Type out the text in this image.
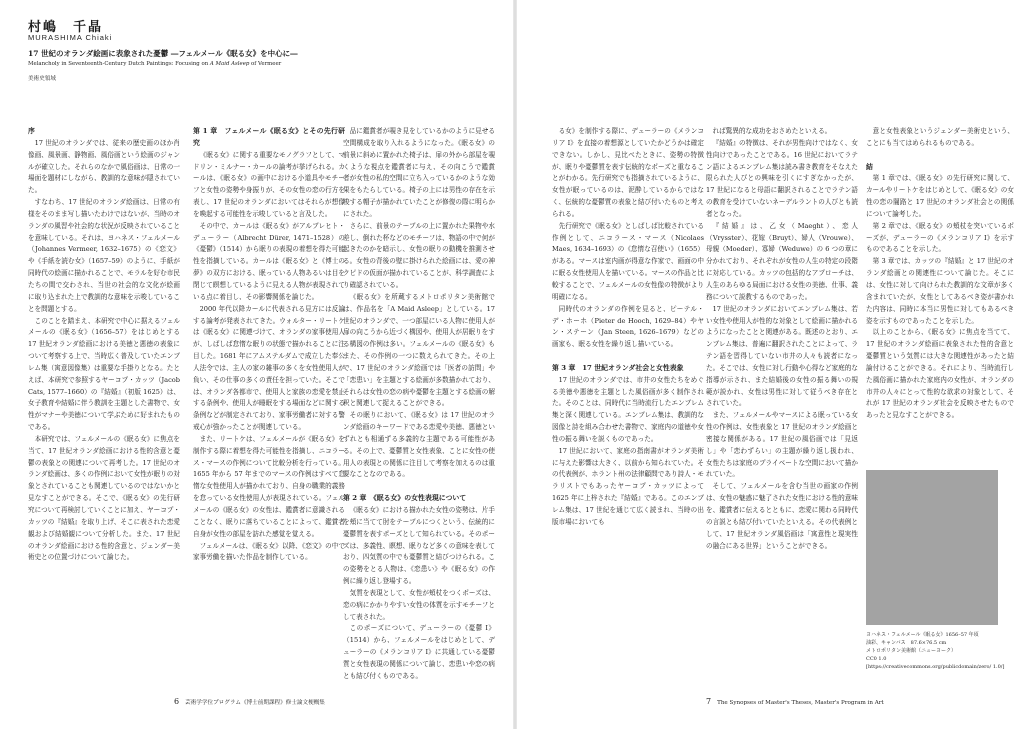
村嶋　千晶
MURASHIMA Chiaki
17 世紀のオランダ絵画に表象された憂鬱 ―フェルメール《眠る女》を中心に―
Melancholy in Seventeenth-Century Dutch Paintings: Focusing on A Maid Asleep of Vermeer
美術史領域
序

17 世紀のオランダでは、従来の歴史画のほか肖像画、風景画、静物画、風俗画という絵画のジャンルが確立した。それらのなかで風俗画は、日常の一場面を題材にしながら、教訓的な意味が隠されていた。

すなわち、17 世紀のオランダ絵画は、日常の有様をそのまま写し描いたわけではないが、当時のオランダの風習や社会的な状況が反映されていることを意味している。それは、ヨハネス・フェルメール（Johannes Vermeer, 1632–1675）の《恋文》や《手紙を読む女》（1657–59）のように、手紙が同時代の絵画に描かれることで、モラルを好む市民たちの間で交わされ、当世の社会的な文化が絵画に取り込まれた上で教訓的な意味を示唆していることを問題とする。

このことを踏まえ、本研究で中心に据えるフェルメールの《眠る女》（1656–57）をはじめとする 17 世紀オランダ絵画における美徳と悪徳の表象について考察する上で、当時広く普及していたエンブレム集（寓意図像集）は重要な手掛りとなる。たとえば、本研究で参照するヤーコプ・カッツ（Jacob Cats, 1577–1660）の『結婚』（初版 1625）は、女子教育や結婚に伴う教訓を主題とした書物で、女性がマナーや美徳について学ぶために好まれたものである。

本研究では、フェルメールの《眠る女》に焦点を当て、17 世紀オランダ絵画における性的含意と憂鬱の表象との関連について再考した。17 世紀のオランダ絵画は、多くの作例において女性が眠りの対象とされていることも関連しているのではないかと見なすことができる。そこで、《眠る女》の先行研究について再検討していくことに加え、ヤーコプ・カッツの『結婚』を取り上げ、そこに表された恋愛観および結婚観について分析した。また、17 世紀のオランダ絵画における性的含意と、ジェンダー美術史との位置づけについて論じた。

第 1 章　フェルメール《眠る女》とその先行研究

《眠る女》に関する重要なモノグラフとして、マドリン・ミルナー・カールの論考が挙げられる。カールは、《眠る女》の画中における小道具やモチーフと女性の姿勢や身振りが、その女性の恋の行方を表し、17 世紀のオランダにおいてはそれらが想像を喚起する可能性を示唆していると言及した。

その中で、カールは《眠る女》がアルブレヒト・デューラー（Albrecht Dürer, 1471–1528）の《憂鬱》（1514）から眠りの表現の着想を得た可能性を指摘している。カールは《眠る女》と《博士の夢》の双方における、眠っている人物あるいは目を閉じて瞑想しているように見える人物が表現されている点に着目し、その影響関係を論じた。

2000 年代以降カールに代表される見方には反論する論考が発表されてきた。ウォルター・リートケは《眠る女》に関連づけて、オランダの家事使用人が、しばしば怠惰な眠りの状態で描かれることに注目した。1681 年にアムステルダムで成立した奉公人法令では、主人の家の雑事の多くを女性使用人が負い、その仕事の多くの責任を担っていた。そこでは、オランダ各都市で、使用人と家族の恋愛を禁止する条例や、使用人が睡眠をする場面などに関する条例などが制定されており、家事労働者に対する警戒心が強かったことが関連している。

また、リートケは、フェルメールが《眠る女》を制作する際に着想を得た可能性を指摘し、ニコラース・マースの作例について比較分析を行っている。1655 年から 57 年までのマースの作例はすべて怠惰な女性使用人が描かれており、自身の職業的義務を怠っている女性使用人が表現されている。フェルメールの《眠る女》の女性は、鑑賞者に意識されることなく、眠りに落ちていることによって、鑑賞者自身が女性の部屋を訪れた感覚を覚える。

フェルメールは、《眠る女》以降、《恋文》の中で家事労働を描いた作品を制作している。

品に鑑賞者が覗き見をしているかのように見せる空間構成を取り入れるようになった。《眠る女》の前景に斜めに置かれた椅子は、扉の外から部屋を覗くような視点を鑑賞者に与え、その向こうで鑑賞者が女性の私的空間に立ち入っているかのような効果をもたらしている。椅子の上には男性の存在を示唆する帽子が描かれていたことが修復の際に明らかにされた。

さらに、前景のテーブルの上に置かれた果物や水差し、倒れた杯などのモチーフは、物語の中で何が起きたのかを暗示し、女性の眠りの動機を推測させる。女性の背後の壁に掛けられた絵画には、愛の神クピドの仮面が描かれていることが、科学調査により確認されている。

《眠る女》を所蔵するメトロポリタン美術館では、作品名を「A Maid Asleep」としている。17 世紀のオランダで、一つ部屋にいる人物に使用人が扉の向こうから近づく構図や、使用人が居眠りをする構図の作例は多い。フェルメールの《眠る女》もまた、その作例の一つに数えられてきた。その上で、17 世紀のオランダ絵画では「医者の訪問」や「恋患い」を主題とする絵画が多数描かれており、それらは女性の恋の病や憂鬱を主題とする絵画の解釈と関連して捉えることができる。

その眠りにおいて、《眠る女》は 17 世紀のオランダ絵画のキーワードである恋愛や美徳、悪徳といずれとも相通ずる多義的な主題である可能性がある。その上で、憂鬱質と女性表象、ことに女性の使用人の表現との関係に注目して考察を加えるのは重要なことなのである。

第 2 章　《眠る女》の女性表現について

《眠る女》における描かれた女性の姿勢は、片手を頬に当てて肘をテーブルにつくという、伝統的に憂鬱質を表すポーズとして知られている。そのポーズは、多義性、瞑想、眠りなど多くの意味を表しており、四気質の中でも憂鬱質と結びつけられる。この姿勢をとる人物は、《恋患い》や《眠る女》の作例に繰り返し登場する。

気質を表現として、女性が頬杖をつくポーズは、恋の病にかかりやすい女性の体質を示すモチーフとして表された。

このポーズについて、デューラーの《憂鬱 I》（1514）から、フェルメールをはじめとして、デューラーの《メランコリア I》に共通している憂鬱質と女性表現の関係について論じ、恋患いや恋の病とも結び付くものである。

る女》を制作する際に、デューラーの《メランコリア I》を直接の着想源としていたかどうかは確定できない。しかし、見比べたときに、姿勢の特徴が、眠りや憂鬱質を表す伝統的なポーズと重なることがわかる。先行研究でも指摘されているように、女性が眠っているのは、泥酔しているからではなく、伝統的な憂鬱質の表象と結び付いたものと考えられる。

先行研究で《眠る女》としばしば比較されている作例として、ニコラース・マース（Nicolaes Maes, 1634–1693）の《怠惰な召使い》（1655）がある。マースは室内画が得意な作家で、画面の中に眠る女性使用人を描いている。マースの作品と比較することで、フェルメールの女性像の特徴がより明確になる。

同時代のオランダの作例を見ると、ピーテル・デ・ホーホ（Pieter de Hooch, 1629–84）やヤン・ステーン（Jan Steen, 1626–1679）などの画家も、眠る女性を繰り返し描いている。

第 3 章　17 世紀オランダ社会と女性表象

17 世紀のオランダでは、市井の女性たちをめぐる美徳や悪徳を主題とした風俗画が多く制作された。そのことは、同時代に当時流行したエンブレム集と深く関連している。エンブレム集は、教訓的な図像と詩を組み合わせた書物で、家庭内の道徳や女性の振る舞いを説くものであった。

17 世紀において、家庭の指南書がオランダ美術に与えた影響は大きく、以前から知られていた。その代表例が、ホラント州の法律顧問であり詩人・モラリストでもあったヤーコプ・カッツによって 1625 年に上梓された『結婚』である。このエンブレム集は、17 世紀を通じて広く読まれ、当時の出版市場においても

れば驚異的な成功をおさめたといえる。

『結婚』の特徴は、それが男性向けではなく、女性向けであったことである。16 世紀においてラテン語によるエンブレム集は読み書き教育をそなえた限られた人びとの興味を引くにすぎなかったが、17 世紀になると母語に翻訳されることでラテン語の教育を受けていないネーデルラントの人びとも読者となった。

『結婚』は、乙女（Maeght）、恋人（Vrysster）、花嫁（Bruyt）、婦人（Vrouwe）、母親（Moeder）、寡婦（Weduwe）の 6 つの章に分かれており、それぞれが女性の人生の特定の段階に対応している。カッツの包括的なアプローチは、人生のあらゆる局面における女性の美徳、仕事、義務について説教するものであった。

17 世紀のオランダにおいてエンブレム集は、若い女性や使用人が性的な対象として絵画に描かれるようになったことと関連がある。既述のとおり、エンブレム集は、普遍に翻訳されたことによって、ラテン語を習得していない市井の人々も読者になった。そこでは、女性に対し行動や心得など家庭的な指導が示され、また結婚後の女性の振る舞いの規範が説かれ、女性は男性に対して従うべき存在とされていた。

また、フェルメールやマースによる眠っている女性の作例は、女性表象と 17 世紀のオランダ絵画と密接な関係がある。17 世紀の風俗画では「見返し」や「恋わずらい」の主題が繰り返し扱われ、女性たちは家庭のプライベートな空間において描かれていた。

そして、フェルメールを含む当世の画家の作例は、女性の魅惑に魅了された女性における性的意味を、鑑賞者に伝えるとともに、恋愛に関わる同時代の言説とも結び付いていたといえる。その代表例として、17 世紀オランダ風俗画は「寓意性と現実性の融合にある世界」ということができる。

意と女性表象というジェンダー美術史という、ことにも当てはめられるものである。

結

第 1 章では、《眠る女》の先行研究に関して、カールやリートケをはじめとして、《眠る女》の女性の恋の闇路と 17 世紀のオランダ社会との関係について論考した。

第 2 章では、《眠る女》の頬杖を突いているポーズが、デューラーの《メランコリア I》を示すものであることを示した。

第 3 章では、カッツの『結婚』と 17 世紀のオランダ絵画との関連性について論じた。そこには、女性に対して向けられた教訓的な文章が多く含まれていたが、女性としてあるべき姿が書かれた内容は、同時に本当に男性に対してもあるべき姿を示すものであったことを示した。

以上のことから、《眠る女》に焦点を当てて、17 世紀のオランダ絵画に表象された性的含意と憂鬱質という気質には大きな関連性があったと結論付けることができる。それにより、当時流行した風俗画に描かれた家庭内の女性が、オランダの市井の人々にとって性的な欲求の対象として、それが 17 世紀のオランダ社会を反映させたものであったと見なすことができる。

ヨハネス・フェルメール《眠る女》1656–57 年頃
油彩、キャンバス　87.6×76.5 cm
メトロポリタン美術館（ニューヨーク）
CC0 1.0 [https://creativecommons.org/publicdomain/zero/ 1.0/]
6 芸術学学位プログラム《博士前期課程》修士論文梗概集	7 The Synopses of Master's Theses, Master's Program in Art
